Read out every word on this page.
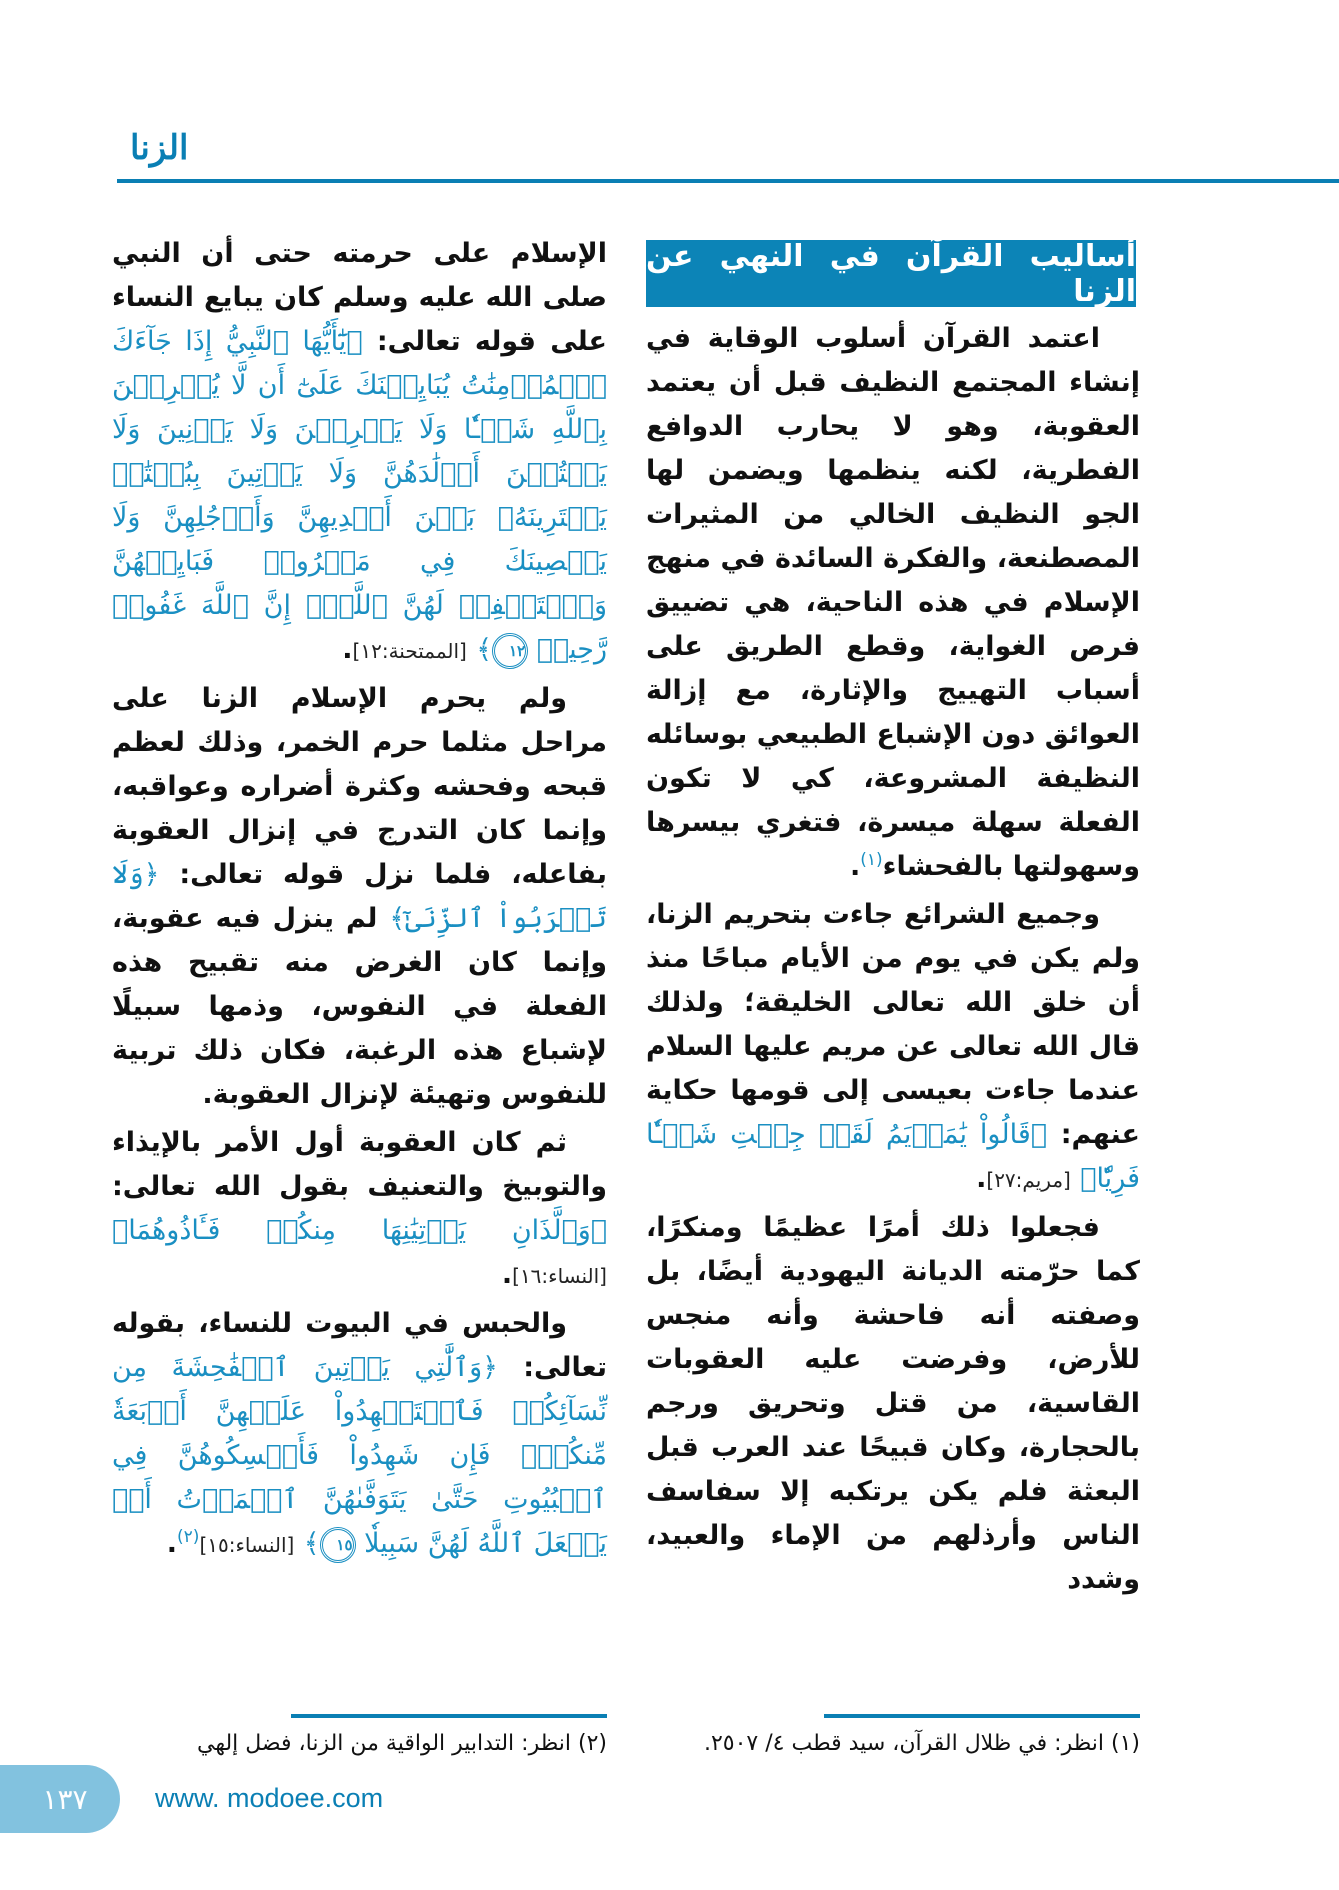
الزنا
أساليب القرآن في النهي عن الزنا

اعتمد القرآن أسلوب الوقاية في إنشاء المجتمع النظيف قبل أن يعتمد العقوبة، وهو لا يحارب الدوافع الفطرية، لكنه ينظمها ويضمن لها الجو النظيف الخالي من المثيرات المصطنعة، والفكرة السائدة في منهج الإسلام في هذه الناحية، هي تضييق فرص الغواية، وقطع الطريق على أسباب التهييج والإثارة، مع إزالة العوائق دون الإشباع الطبيعي بوسائله النظيفة المشروعة، كي لا تكون الفعلة سهلة ميسرة، فتغري بيسرها وسهولتها بالفحشاء$^{(١)}$.

وجميع الشرائع جاءت بتحريم الزنا، ولم يكن في يوم من الأيام مباحًا منذ أن خلق الله تعالى الخليقة؛ ولذلك قال الله تعالى عن مريم عليها السلام عندما جاءت بعيسى إلى قومها حكاية عنهم: ﴿قَالُواْ يَٰمَرۡيَمُ لَقَدۡ جِئۡتِ شَيۡـٔٗا فَرِيّٗا﴾ [مريم:٢٧].

فجعلوا ذلك أمرًا عظيمًا ومنكرًا، كما حرّمته الديانة اليهودية أيضًا، بل وصفته أنه فاحشة وأنه منجس للأرض، وفرضت عليه العقوبات القاسية، من قتل وتحريق ورجم بالحجارة، وكان قبيحًا عند العرب قبل البعثة فلم يكن يرتكبه إلا سفاسف الناس وأرذلهم من الإماء والعبيد، وشدد

(١) انظر: في ظلال القرآن، سيد قطب ٤/ ٢٥٠٧.

الإسلام على حرمته حتى أن النبي صلى الله عليه وسلم كان يبايع النساء على قوله تعالى: ﴿يَٰٓأَيُّهَا ٱلنَّبِيُّ إِذَا جَآءَكَ ٱلۡمُؤۡمِنَٰتُ يُبَايِعۡنَكَ عَلَىٰٓ أَن لَّا يُشۡرِكۡنَ بِٱللَّهِ شَيۡـٔٗا وَلَا يَسۡرِقۡنَ وَلَا يَزۡنِينَ وَلَا يَقۡتُلۡنَ أَوۡلَٰدَهُنَّ وَلَا يَأۡتِينَ بِبُهۡتَٰنٖ يَفۡتَرِينَهُۥ بَيۡنَ أَيۡدِيهِنَّ وَأَرۡجُلِهِنَّ وَلَا يَعۡصِينَكَ فِي مَعۡرُوفٖ فَبَايِعۡهُنَّ وَٱسۡتَغۡفِرۡ لَهُنَّ ٱللَّهَۚ إِنَّ ٱللَّهَ غَفُورٞ رَّحِيمٞ ١٢﴾ [الممتحنة:١٢].

ولم يحرم الإسلام الزنا على مراحل مثلما حرم الخمر، وذلك لعظم قبحه وفحشه وكثرة أضراره وعواقبه، وإنما كان التدرج في إنزال العقوبة بفاعله، فلما نزل قوله تعالى: ﴿وَلَا تَقۡرَبُواْ ٱلزِّنَىٰٓ﴾ لم ينزل فيه عقوبة، وإنما كان الغرض منه تقبيح هذه الفعلة في النفوس، وذمها سبيلًا لإشباع هذه الرغبة، فكان ذلك تربية للنفوس وتهيئة لإنزال العقوبة.

ثم كان العقوبة أول الأمر بالإيذاء والتوبيخ والتعنيف بقول الله تعالى: ﴿وَٱلَّذَانِ يَأۡتِيَٰنِهَا مِنكُمۡ فَـَٔاذُوهُمَا﴾ [النساء:١٦].

والحبس في البيوت للنساء، بقوله تعالى: ﴿وَٱلَّٰتِي يَأۡتِينَ ٱلۡفَٰحِشَةَ مِن نِّسَآئِكُمۡ فَٱسۡتَشۡهِدُواْ عَلَيۡهِنَّ أَرۡبَعَةٗ مِّنكُمۡۖ فَإِن شَهِدُواْ فَأَمۡسِكُوهُنَّ فِي ٱلۡبُيُوتِ حَتَّىٰ يَتَوَفَّىٰهُنَّ ٱلۡمَوۡتُ أَوۡ يَجۡعَلَ ٱللَّهُ لَهُنَّ سَبِيلٗا ١٥﴾ [النساء:١٥]$^{(٢)}$.

(٢) انظر: التدابير الواقية من الزنا، فضل إلهي
١٣٧ www. modoee.com
